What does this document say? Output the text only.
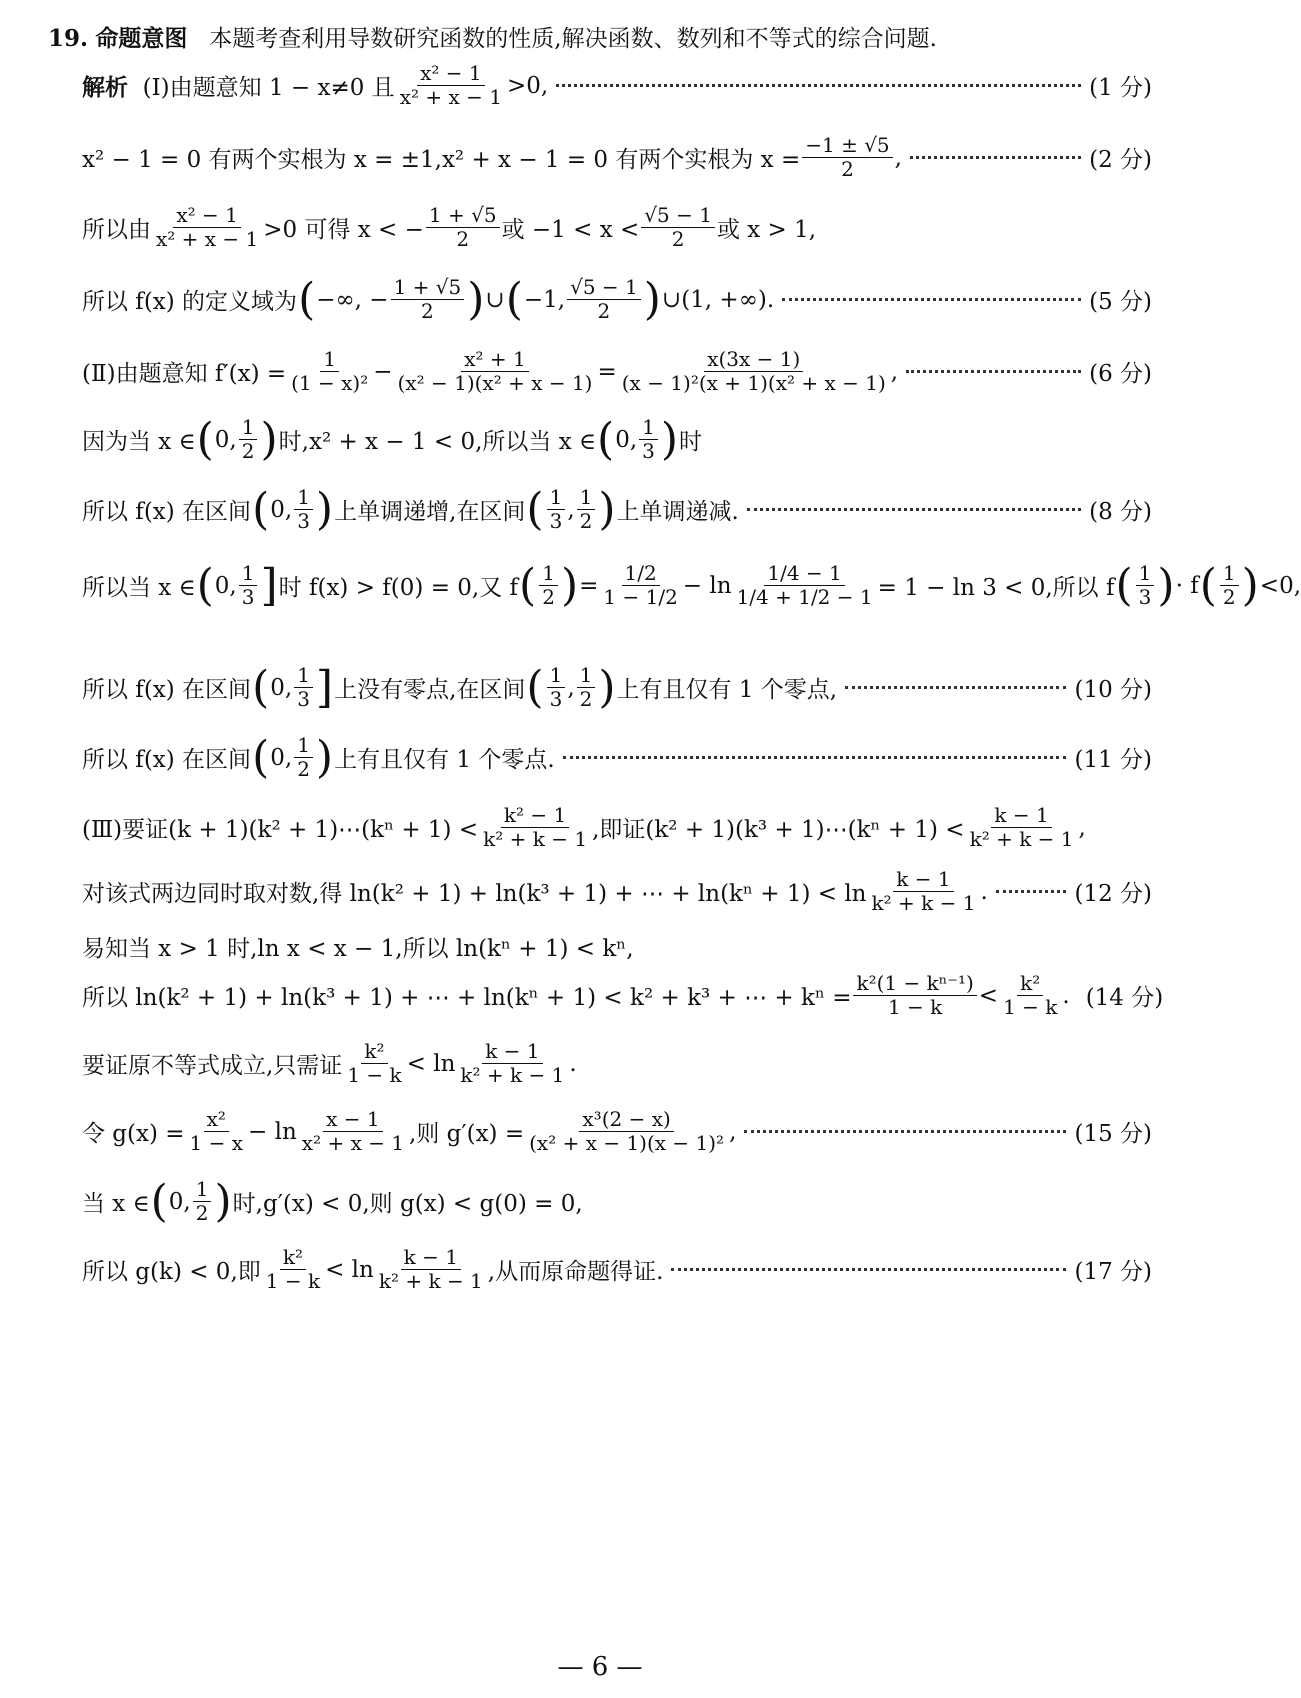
19. 命题意图 本题考查利用导数研究函数的性质,解决函数、数列和不等式的综合问题.
解析
(Ⅰ)由题意知 1 − x≠0 且 $\frac{\text{x² − 1}}{\text{x² + x − 1}} >0$,	(1 分)
x² − 1 = 0 有两个实根为 x = ±1,x² + x − 1 = 0 有两个实根为 $x = \frac{-1 \pm √5}{2}$ ,	(2 分)
所以由 $\frac{\text{x² − 1}}{\text{x² + x − 1}} >0$ 可得 x < − $\frac{1 + √5}{2}$ 或 $-1 < x < \frac{√5 - 1}{2}$ 或 x > 1,
所以 f(x) 的定义域为 ( −∞, − $\frac{1 + √5}{2}$ ) ∪ ( −1, $\frac{√5 - 1}{2}$ ) ∪(1, +∞).	(5 分)
(Ⅱ)由题意知 $f'(x) = \frac{1}{\text{(1 − x)²}} - \frac{\text{x² + 1}}{\text{(x² − 1)(x² + x − 1)}} = \frac{x(3x - 1)}{\text{(x − 1)²(x + 1)(x² + x − 1)}}$ ,	(6 分)
因为当 x ∈ ( 0, $\frac{1}{2}$ ) 时,x² + x − 1 < 0,所以当 x ∈ ( 0, $\frac{1}{3}$ ) 时
所以 f(x) 在区间 ( 0, $\frac{1}{3}$ ) 上单调递增,在区间 ( $\frac{1}{3}$ , $\frac{1}{2}$ ) 上单调递减.	(8 分)
所以当 x ∈ ( 0, $\frac{1}{3}$ ] 时 f(x) > f(0) = 0,又 f ( $\frac{1}{2}$ ) = $\frac{1/2}{1 - 1/2} - \ln \frac{1/4 - 1}{1/4 + 1/2 - 1} = 1 - \ln 3 < 0$,所以 f ( $\frac{1}{3}$ ) · f ( $\frac{1}{2}$ ) <0,
所以 f(x) 在区间 ( 0, $\frac{1}{3}$ ] 上没有零点,在区间 ( $\frac{1}{3}$ , $\frac{1}{2}$ ) 上有且仅有 1 个零点,	(10 分)
所以 f(x) 在区间 ( 0, $\frac{1}{2}$ ) 上有且仅有 1 个零点.	(11 分)
(Ⅲ)要证(k + 1)(k² + 1)⋯(kⁿ + $1) < \frac{\text{k² − 1}}{\text{k² + k − 1}}$ ,即证(k² + 1)(k³ + 1)⋯(kⁿ + $1) < \frac{k - 1}{\text{k² + k − 1}}$ ,
对该式两边同时取对数,得 ln(k² + 1) + ln(k³ + 1) + ⋯ + $\ln(k^n + 1) < \ln \frac{k - 1}{\text{k² + k − 1}}$ .	(12 分)
易知当 x > 1 时,ln x < x − 1,所以 ln(kⁿ + 1) < kⁿ,
所以 ln(k² + 1) + ln(k³ + 1) + ⋯ + ln(kⁿ + 1) < k² + k³ + ⋯ + $k^n = \frac{\text{k²(1 − kⁿ⁻¹)}}{1 - k} < \frac{\text{k²}}{1 - k}$ . (14 分)
要证原不等式成立,只需证 $\frac{\text{k²}}{1 - k} < \ln \frac{k - 1}{\text{k² + k − 1}}$ .
令 $g(x) = \frac{\text{x²}}{1 - x} - \ln \frac{x - 1}{\text{x² + x − 1}}$ ,则 $g'(x) = \frac{\text{x³(2 − x)}}{\text{(x² + x − 1)(x − 1)²}}$ ,	(15 分)
当 x ∈ ( 0, $\frac{1}{2}$ ) 时,g′(x) < 0,则 g(x) < g(0) = 0,
所以 g(k) < 0,即 $\frac{\text{k²}}{1 - k} < \ln \frac{k - 1}{\text{k² + k − 1}}$ ,从而原命题得证.	(17 分)
— 6 —
